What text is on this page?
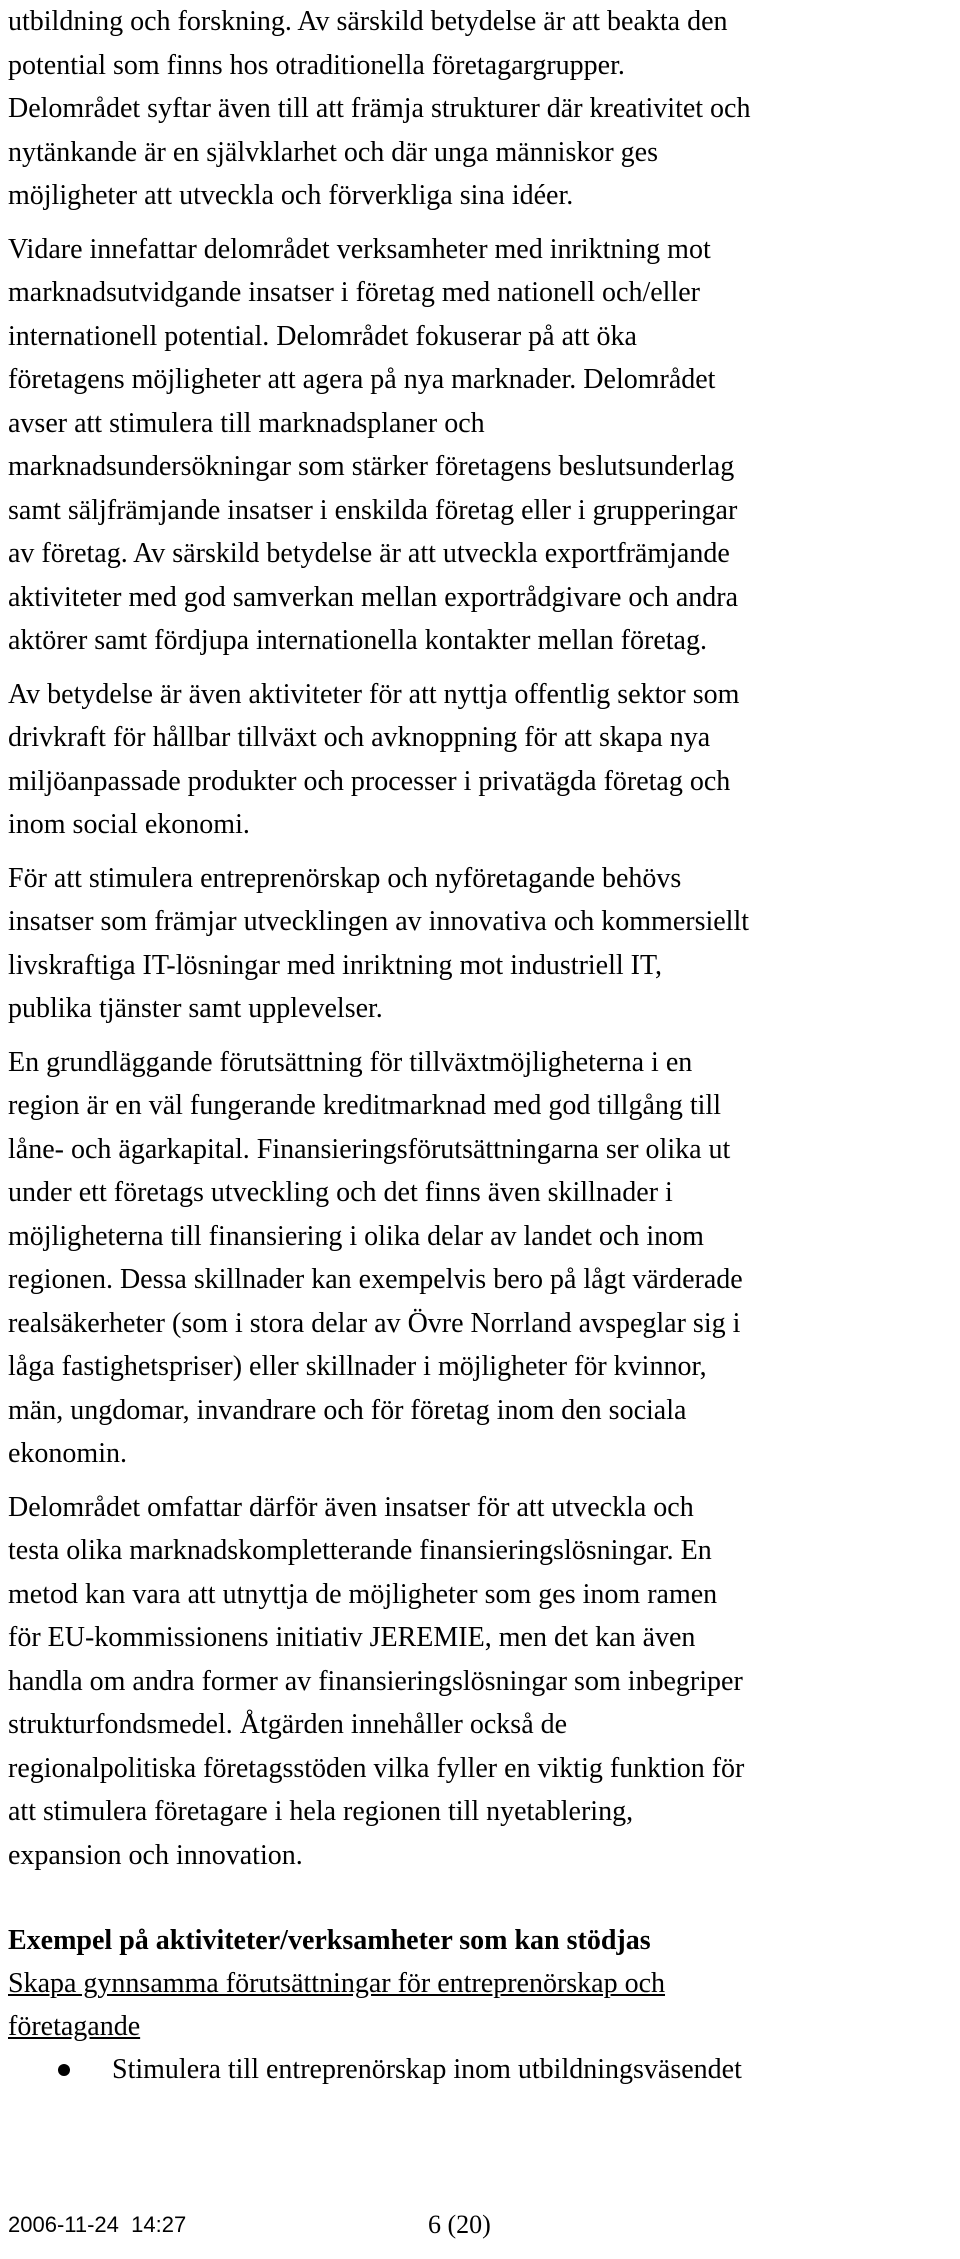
utbildning och forskning. Av särskild betydelse är att beakta den
potential som finns hos otraditionella företagargrupper.
Delområdet syftar även till att främja strukturer där kreativitet och
nytänkande är en självklarhet och där unga människor ges
möjligheter att utveckla och förverkliga sina idéer.

Vidare innefattar delområdet verksamheter med inriktning mot
marknadsutvidgande insatser i företag med nationell och/eller
internationell potential. Delområdet fokuserar på att öka
företagens möjligheter att agera på nya marknader. Delområdet
avser att stimulera till marknadsplaner och
marknadsundersökningar som stärker företagens beslutsunderlag
samt säljfrämjande insatser i enskilda företag eller i grupperingar
av företag. Av särskild betydelse är att utveckla exportfrämjande
aktiviteter med god samverkan mellan exportrådgivare och andra
aktörer samt fördjupa internationella kontakter mellan företag.

Av betydelse är även aktiviteter för att nyttja offentlig sektor som
drivkraft för hållbar tillväxt och avknoppning för att skapa nya
miljöanpassade produkter och processer i privatägda företag och
inom social ekonomi.

För att stimulera entreprenörskap och nyföretagande behövs
insatser som främjar utvecklingen av innovativa och kommersiellt
livskraftiga IT-lösningar med inriktning mot industriell IT,
publika tjänster samt upplevelser.

En grundläggande förutsättning för tillväxtmöjligheterna i en
region är en väl fungerande kreditmarknad med god tillgång till
låne- och ägarkapital. Finansieringsförutsättningarna ser olika ut
under ett företags utveckling och det finns även skillnader i
möjligheterna till finansiering i olika delar av landet och inom
regionen. Dessa skillnader kan exempelvis bero på lågt värderade
realsäkerheter (som i stora delar av Övre Norrland avspeglar sig i
låga fastighetspriser) eller skillnader i möjligheter för kvinnor,
män, ungdomar, invandrare och för företag inom den sociala
ekonomin.

Delområdet omfattar därför även insatser för att utveckla och
testa olika marknadskompletterande finansieringslösningar. En
metod kan vara att utnyttja de möjligheter som ges inom ramen
för EU-kommissionens initiativ JEREMIE, men det kan även
handla om andra former av finansieringslösningar som inbegriper
strukturfondsmedel. Åtgärden innehåller också de
regionalpolitiska företagsstöden vilka fyller en viktig funktion för
att stimulera företagare i hela regionen till nyetablering,
expansion och innovation.

Exempel på aktiviteter/verksamheter som kan stödjas

Skapa gynnsamma förutsättningar för entreprenörskap och
företagande

Stimulera till entreprenörskap inom utbildningsväsendet
2006-11-24  14:27	6 (20)
